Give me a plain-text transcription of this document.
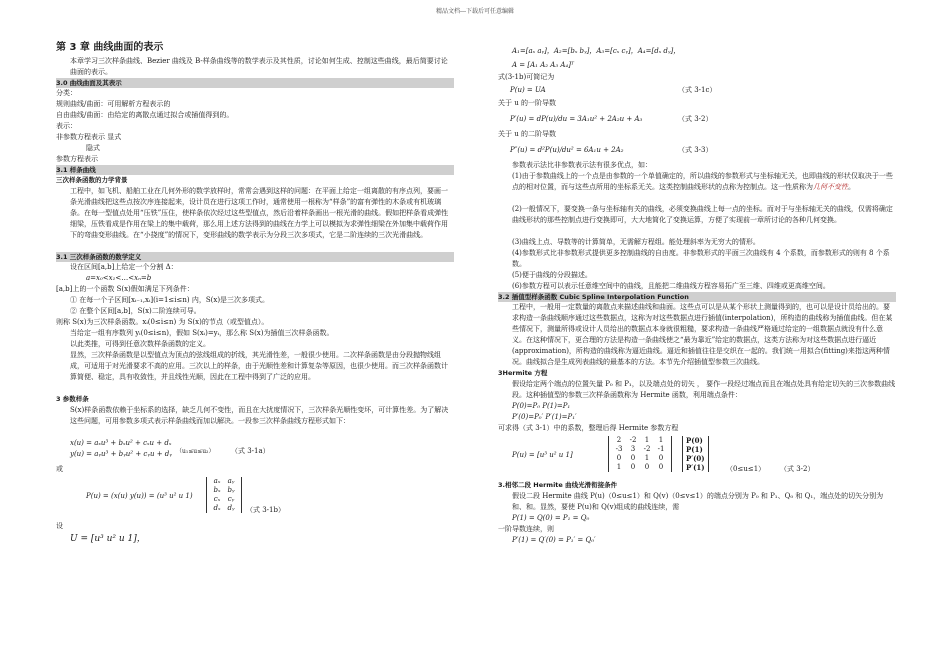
精品文档---下载后可任意编辑
第 3 章 曲线曲面的表示
本章学习三次样条曲线、Bezier 曲线及 B-样条曲线等的数学表示及其性质，讨论如何生成、控制这些曲线，最后简要讨论曲面的表示。
3.0 曲线曲面及其表示
分类：
规则曲线/曲面：可用解析方程表示的
自由曲线/曲面：由给定的离散点通过拟合或插值得到的。
表示：
非参数方程表示 显式
隐式
参数方程表示
3.1 样条曲线
三次样条函数的力学背景
工程中，如飞机、船舶工业在几何外形的数学放样时，常常会遇到这样的问题：在平面上给定一组离散的有序点列，要画一条光滑曲线把这些点按次序连接起来，设计员在进行这项工作时，通常使用一根称为“样条”的富有弹性的木条或有机玻璃条。在每一型值点处用“压铁”压住，使样条依次经过这些型值点，然后沿着样条画出一根光滑的曲线。假如把样条看成弹性细梁，压铁看成是作用在梁上的集中载荷，那么用上述方法得到的曲线在力学上可以模拟为求弹性细梁在外加集中载荷作用下的弯曲变形曲线。在“小挠度”的情况下，变形曲线的数学表示为分段三次多项式，它是二阶连续的三次光滑曲线。
3.1 三次样条函数的数学定义
设在区间[a,b]上给定一个分割 Δ：
a=x₀<x₁<…<xₙ=b
[a,b]上的一个函数 S(x)假如满足下列条件：
① 在每一个子区间[xᵢ₋₁,xᵢ](i=1≤i≤n) 内，S(x)是三次多项式。
② 在整个区间[a,b]，S(x)二阶连续可导。
则称 S(x)为三次样条函数。xᵢ(0≤i≤n) 为 S(x)的节点（或型值点）。
当给定一组有序数列 yᵢ(0≤i≤n)，假如 S(xᵢ)=yᵢ，那么称 S(x)为插值三次样条函数。
以此类推，可得到任意次数样条函数的定义。
显然，三次样条函数是以型值点为顶点的弦线组成的折线，其光滑性差，一般很少使用。二次样条函数是由分段抛物线组成，可适用于对光滑要求不高的应用。三次以上的样条，由于光顺性差和计算复杂等原因，也很少使用。而三次样条函数计算简便、稳定，具有收敛性，并且线性光顺，因此在工程中得到了广泛的应用。
3 参数样条
S(x)样条函数依赖于坐标系的选择，缺乏几何不变性，而且在大扰度情况下，三次样条光顺性变坏，可计算性差。为了解决这些问题，可用参数多项式表示样条曲线而加以解决。一段参三次样条曲线方程形式如下：
x(u) = aₓu³ + bₓu² + cₓu + dₓ
y(u) = aᵧu³ + bᵧu² + cᵧu + dᵧ （u₁≤u≤u₂） （式 3-1a）
或
P(u) = (x(u) y(u)) = (u³ u² u 1)
aₓ aᵧ
bₓ bᵧ
cₓ cᵧ
dₓ dᵧ	（式 3-1b）
设
U = [u³ u² u 1]，
A₁=[aₓ aᵧ]，A₂=[bₓ bᵧ]，A₃=[cₓ cᵧ]，A₄=[dₓ dᵧ]，
A = [A₁ A₂ A₃ A₄]ᵀ
式(3-1b)可简记为
P(u) = UA	（式 3-1c）
关于 u 的一阶导数
P′(u) = dP(u)/du = 3A₁u² + 2A₂u + A₃	（式 3-2）
关于 u 的二阶导数
P″(u) = d²P(u)/du² = 6A₁u + 2A₂	（式 3-3）
参数表示法比非参数表示法有很多优点，如：
(1)由于参数曲线上的一个点是由参数的一个单值确定的，所以曲线的参数形式与坐标轴无关，也即曲线的形状仅取决于一些点的相对位置，而与这些点所用的坐标系无关。这类控制曲线形状的点称为控制点。这一性质称为几何不变性。
(2)一般情况下，要变换一条与坐标轴有关的曲线，必须变换曲线上每一点的坐标。而对于与坐标轴无关的曲线，仅需将确定曲线形状的那些控制点进行变换即可，大大地简化了变换运算，方便了实现前一章所讨论的各种几何变换。
(3)曲线上点、导数等的计算简单，无需解方程组。能处理斜率为无穷大的情形。
(4)参数形式比非参数形式提供更多控制曲线的自由度。非参数形式的平面三次曲线有 4 个系数，而参数形式的则有 8 个系数。
(5)便于曲线的分段描述。
(6)参数方程可以表示任意维空间中的曲线，且能把二维曲线方程容易拓广至三维、四维或更高维空间。
3.2 插值型样条函数 Cubic Spline Interpolation Function
工程中，一般用一定数量的离散点来描述曲线和曲面。这些点可以是从某个形状上测量得到的，也可以是设计员给出的。要求构造一条曲线顺序通过这些数据点，这称为对这些数据点进行插值(interpolation)，所构造的曲线称为插值曲线。但在某些情况下，测量所得或设计人员给出的数据点本身就很粗糙，要求构造一条曲线严格通过给定的一组数据点就没有什么意义。在这种情况下，更合理的方法是构造一条曲线使之“最为靠近”给定的数据点，这类方法称为对这些数据点进行逼近(approximation)，所构造的曲线称为逼近曲线。逼近和插值往往是交织在一起的。我们统一用拟合(fitting)来指这两种情况。曲线拟合是生成列表曲线的最基本的方法。本节先介绍插值型参数三次曲线。
3Hermite 方程
假设给定两个端点的位置矢量 P₀ 和 P₁，以及端点处的切矢 ， 要作一段经过端点而且在端点处具有给定切矢的三次参数曲线段。这种插值型的参数三次样条函数称为 Hermite 函数，利用端点条件：
P(0)=P₀ P(1)=P₁
P′(0)=P₀′ P′(1)=P₁′
可求得（式 3-1）中的系数，整理后得 Hermite 参数方程
P(u) = [u³ u² u 1]
2 -2 1 1
-3 3 -2 -1
0 0 1 0
1 0 0 0
P(0)
P(1)
P′(0)
P′(1)	（0≤u≤1） （式 3-2）
3.相邻二段 Hermite 曲线光滑衔接条件
假设二段 Hermite 曲线 P(u)（0≤u≤1）和 Q(v)（0≤v≤1）的端点分别为 P₀ 和 P₁、Q₀ 和 Q₁，端点处的切矢分别为和、和。显然，要使 P(u)和 Q(v)组成的曲线连续，需
P(1) = Q(0) = P₁ = Q₀
一阶导数连续，则
P′(1) = Q′(0) = P₁′ = Q₀′
